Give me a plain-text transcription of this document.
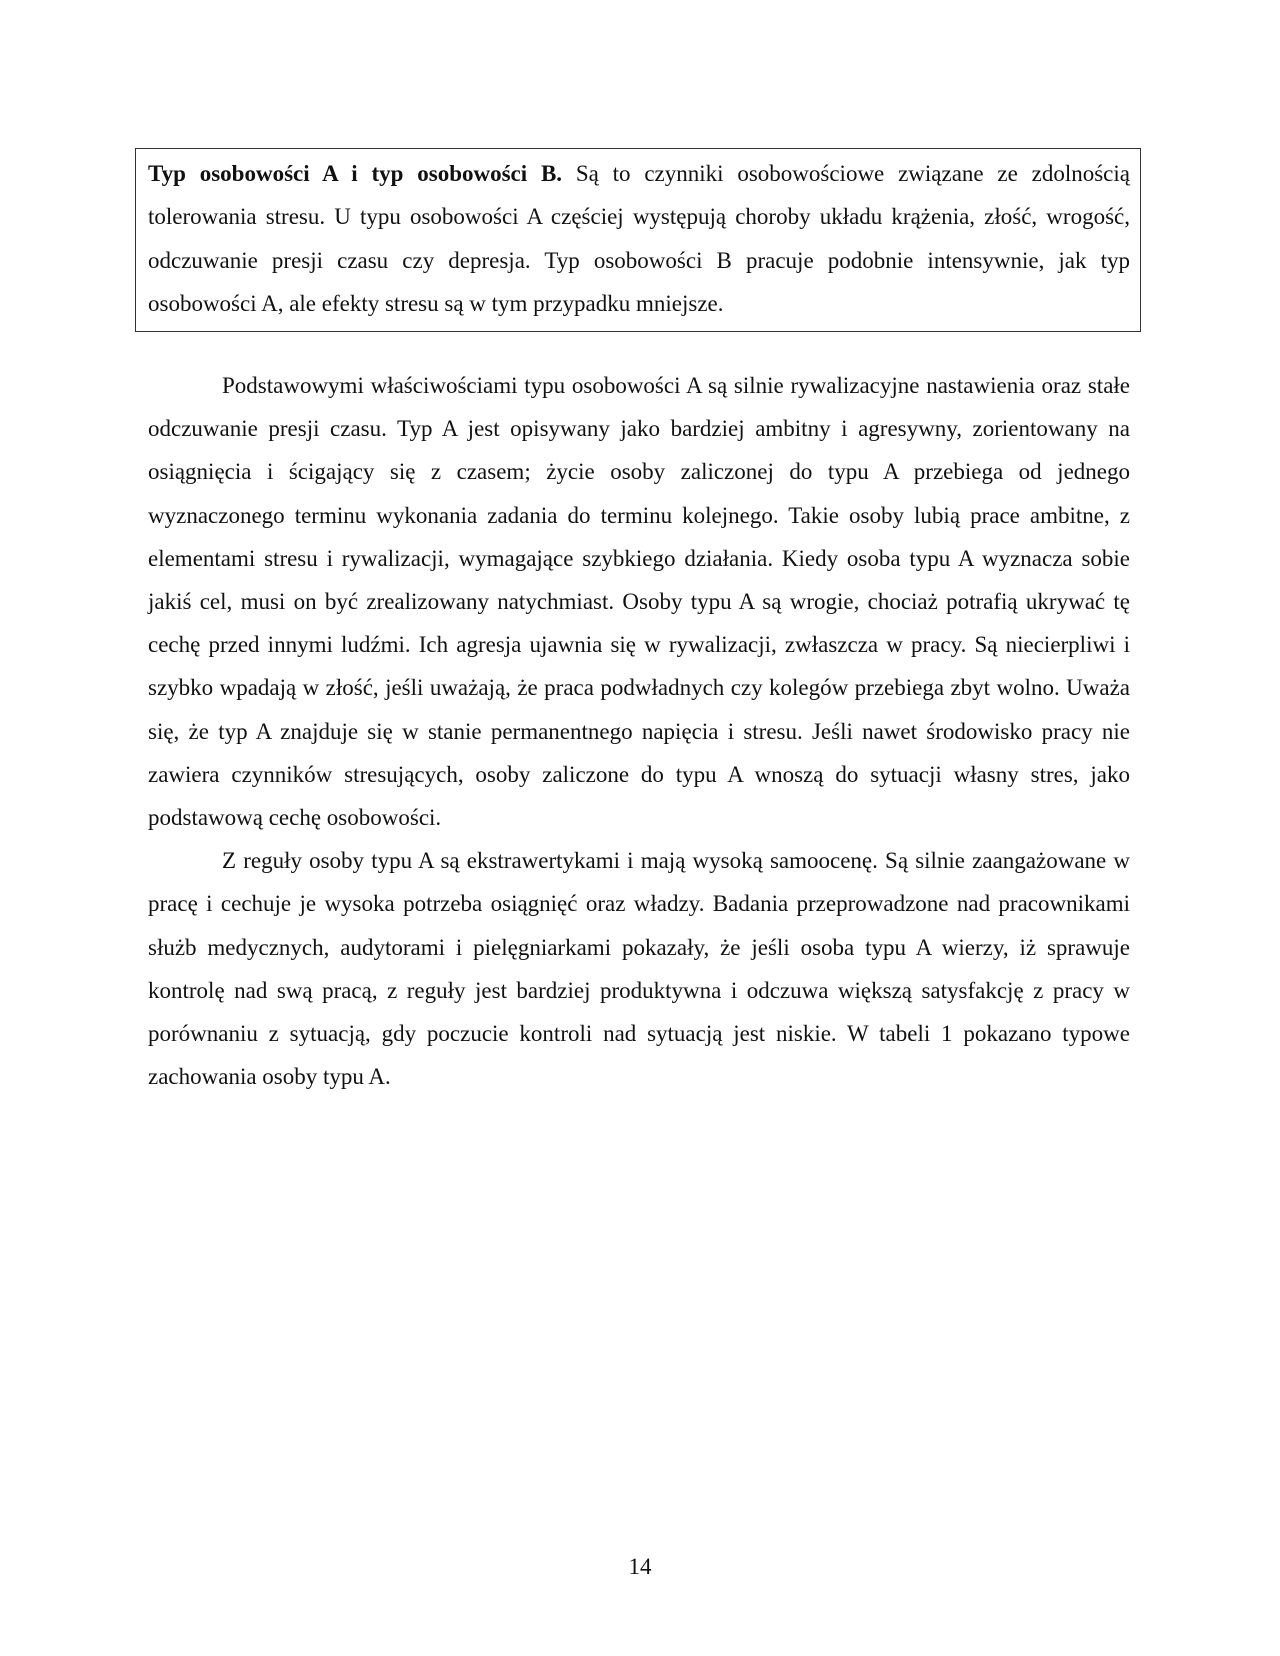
Typ osobowości A i typ osobowości B. Są to czynniki osobowościowe związane ze zdolnością tolerowania stresu. U typu osobowości A częściej występują choroby układu krążenia, złość, wrogość, odczuwanie presji czasu czy depresja. Typ osobowości B pracuje podobnie intensywnie, jak typ osobowości A, ale efekty stresu są w tym przypadku mniejsze.

Podstawowymi właściwościami typu osobowości A są silnie rywalizacyjne nastawienia oraz stałe odczuwanie presji czasu. Typ A jest opisywany jako bardziej ambitny i agresywny, zorientowany na osiągnięcia i ścigający się z czasem; życie osoby zaliczonej do typu A przebiega od jednego wyznaczonego terminu wykonania zadania do terminu kolejnego. Takie osoby lubią prace ambitne, z elementami stresu i rywalizacji, wymagające szybkiego działania. Kiedy osoba typu A wyznacza sobie jakiś cel, musi on być zrealizowany natychmiast. Osoby typu A są wrogie, chociaż potrafią ukrywać tę cechę przed innymi ludźmi. Ich agresja ujawnia się w rywalizacji, zwłaszcza w pracy. Są niecierpliwi i szybko wpadają w złość, jeśli uważają, że praca podwładnych czy kolegów przebiega zbyt wolno. Uważa się, że typ A znajduje się w stanie permanentnego napięcia i stresu. Jeśli nawet środowisko pracy nie zawiera czynników stresujących, osoby zaliczone do typu A wnoszą do sytuacji własny stres, jako podstawową cechę osobowości.

Z reguły osoby typu A są ekstrawertykami i mają wysoką samoocenę. Są silnie zaangażowane w pracę i cechuje je wysoka potrzeba osiągnięć oraz władzy. Badania przeprowadzone nad pracownikami służb medycznych, audytorami i pielęgniarkami pokazały, że jeśli osoba typu A wierzy, iż sprawuje kontrolę nad swą pracą, z reguły jest bardziej produktywna i odczuwa większą satysfakcję z pracy w porównaniu z sytuacją, gdy poczucie kontroli nad sytuacją jest niskie. W tabeli 1 pokazano typowe zachowania osoby typu A.

14
